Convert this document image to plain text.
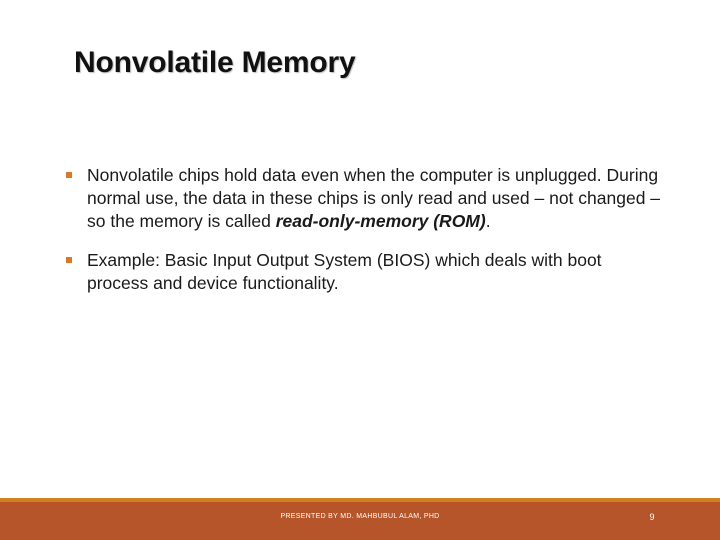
Nonvolatile Memory
Nonvolatile chips hold data even when the computer is unplugged. During normal use, the data in these chips is only read and used – not changed – so the memory is called read-only-memory (ROM).
Example: Basic Input Output System (BIOS) which deals with boot process and device functionality.
PRESENTED BY MD. MAHBUBUL ALAM, PHD	9
